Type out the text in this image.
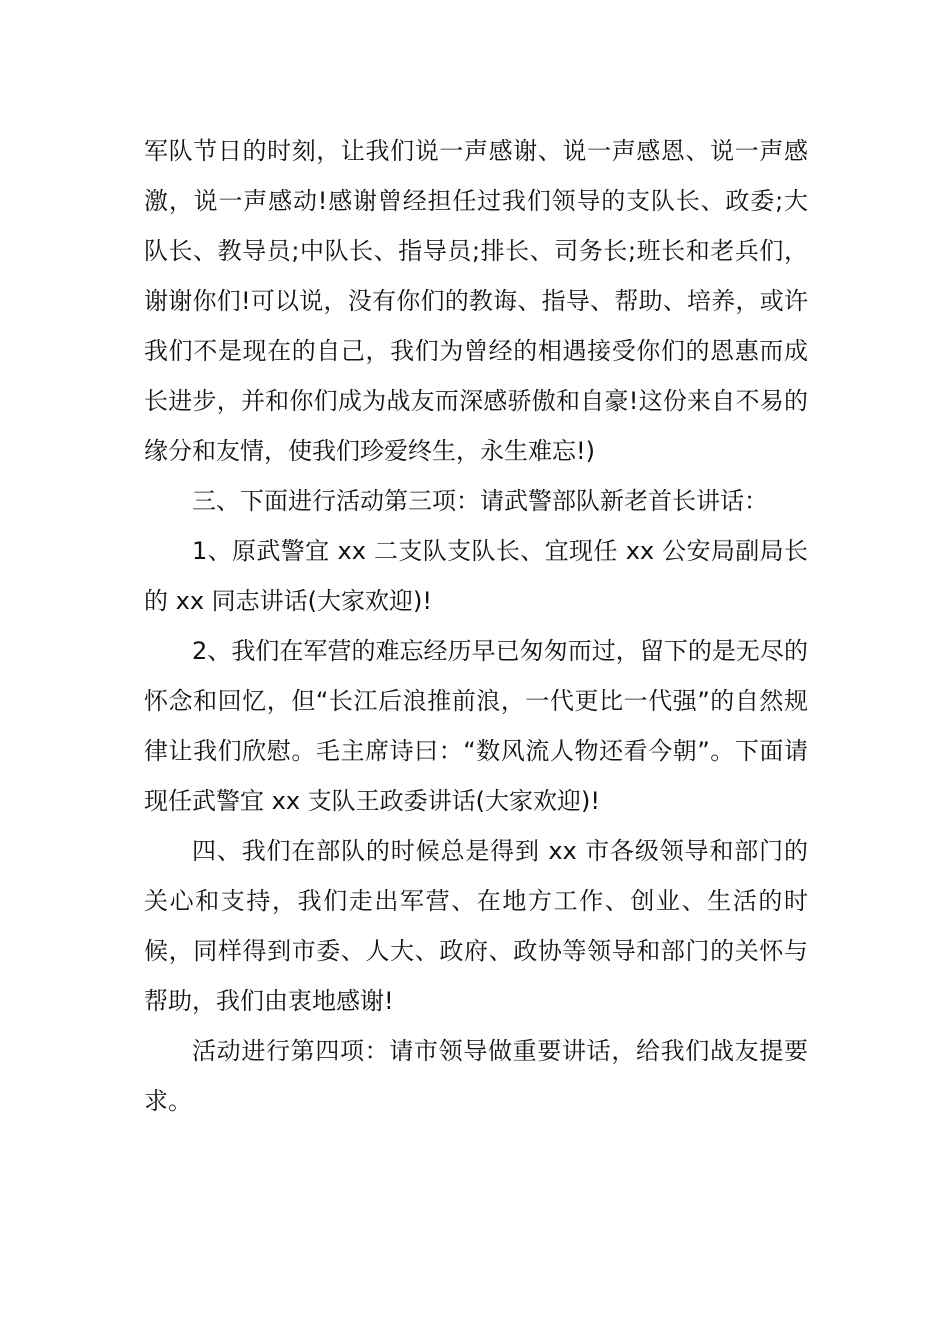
军队节日的时刻，让我们说一声感谢、说一声感恩、说一声感激，说一声感动!感谢曾经担任过我们领导的支队长、政委;大队长、教导员;中队长、指导员;排长、司务长;班长和老兵们，谢谢你们!可以说，没有你们的教诲、指导、帮助、培养，或许我们不是现在的自己，我们为曾经的相遇接受你们的恩惠而成长进步，并和你们成为战友而深感骄傲和自豪!这份来自不易的缘分和友情，使我们珍爱终生，永生难忘!)

三、下面进行活动第三项：请武警部队新老首长讲话：

1、原武警宜 xx 二支队支队长、宜现任 xx 公安局副局长的 xx 同志讲话(大家欢迎)!

2、我们在军营的难忘经历早已匆匆而过，留下的是无尽的怀念和回忆，但“长江后浪推前浪，一代更比一代强”的自然规律让我们欣慰。毛主席诗曰：“数风流人物还看今朝”。下面请现任武警宜 xx 支队王政委讲话(大家欢迎)!

四、我们在部队的时候总是得到 xx 市各级领导和部门的关心和支持，我们走出军营、在地方工作、创业、生活的时候，同样得到市委、人大、政府、政协等领导和部门的关怀与帮助，我们由衷地感谢!

活动进行第四项：请市领导做重要讲话，给我们战友提要求。
